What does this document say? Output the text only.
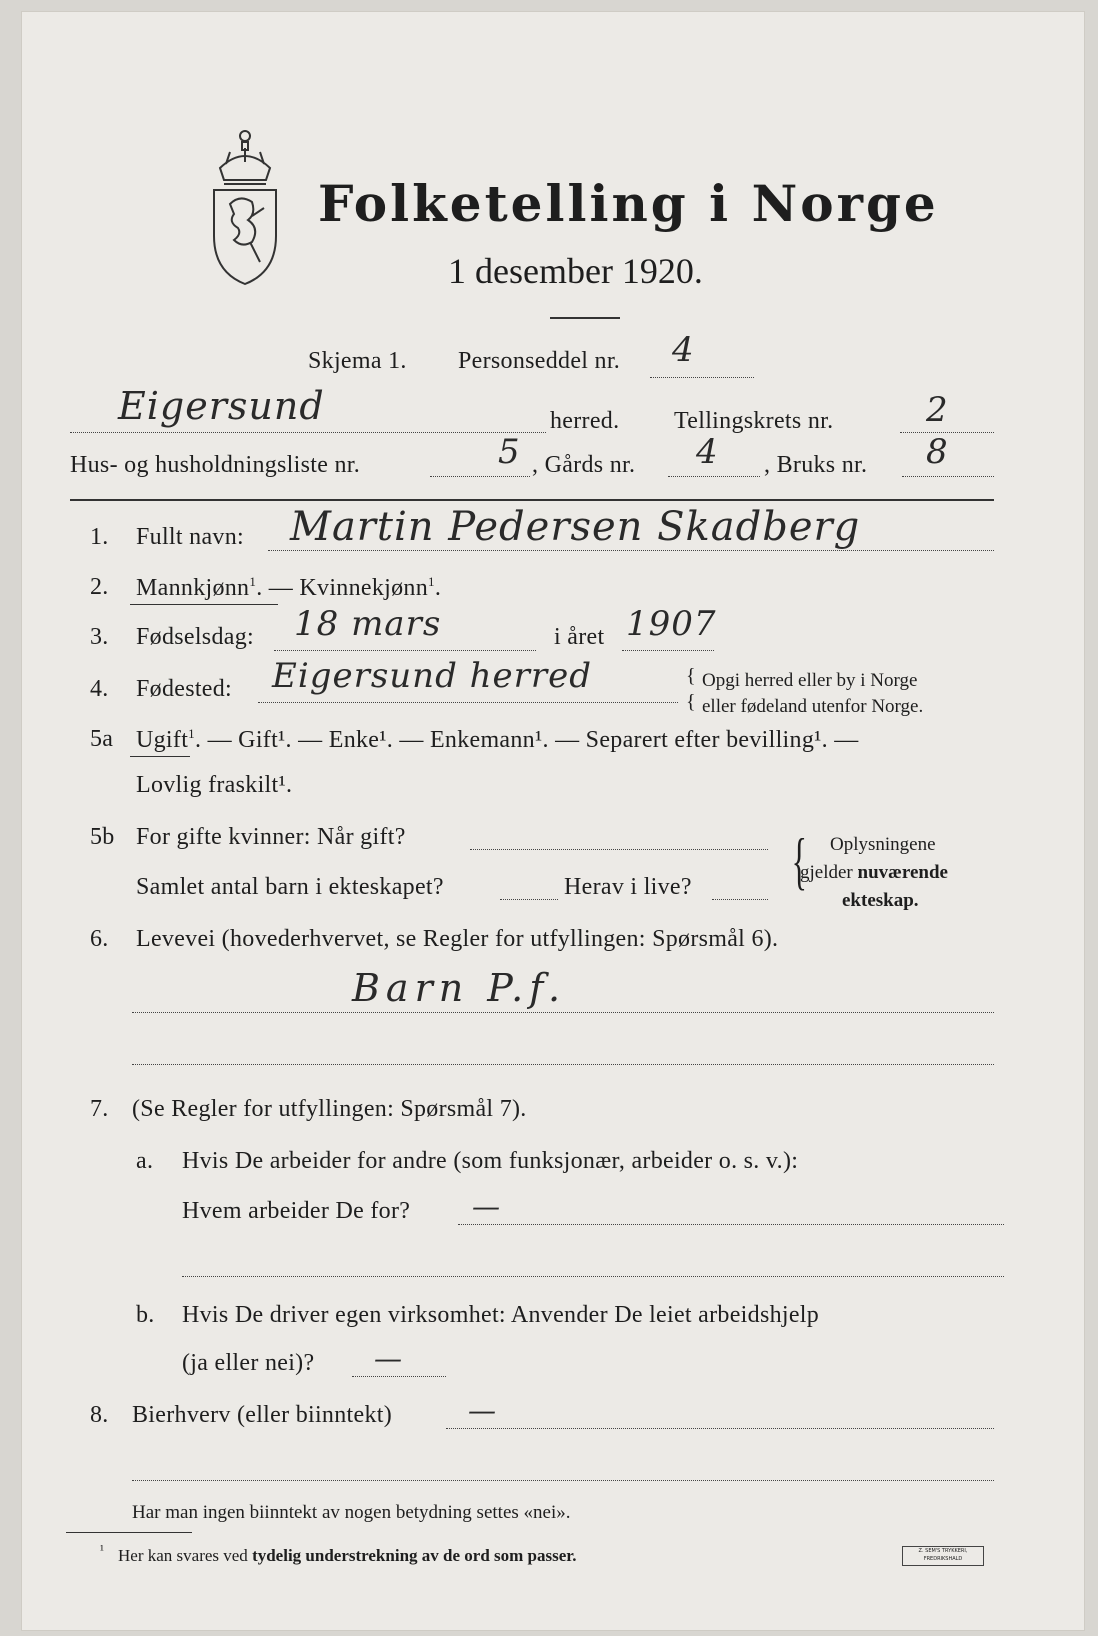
Folketelling i Norge
1 desember 1920.
Skjema 1. Personseddel nr. 4
Eigersund	herred. Tellingskrets nr.	2
Hus- og husholdningsliste nr.	5 , Gårds nr. 4 , Bruks nr. 8
1. Fullt navn: Martin Pedersen Skadberg
2. Mannkjønn$^1$. — Kvinnekjønn$^1$.
3. Fødselsdag: 18 mars	i året 1907
4. Fødested: Eigersund herred	{ Opgi herred eller by i Norge
{ eller fødeland utenfor Norge.
5a Ugift$^1$. — Gift¹. — Enke¹. — Enkemann¹. — Separert efter bevilling¹. —
Lovlig fraskilt¹.
5b For gifte kvinner: Når gift?
Samlet antal barn i ekteskapet?	Herav i live? { Oplysningene
gjelder nuværende
ekteskap.
6. Levevei (hovederhvervet, se Regler for utfyllingen: Spørsmål 6).
Barn P.f.
7. (Se Regler for utfyllingen: Spørsmål 7).
a. Hvis De arbeider for andre (som funksjonær, arbeider o. s. v.):
Hvem arbeider De for? —
b. Hvis De driver egen virksomhet: Anvender De leiet arbeidshjelp
(ja eller nei)? —
8. Bierhverv (eller biinntekt)	—
Har man ingen biinntekt av nogen betydning settes «nei».
¹ Her kan svares ved tydelig understrekning av de ord som passer.	Z. SEM'S TRYKKERI, FREDRIKSHALD
